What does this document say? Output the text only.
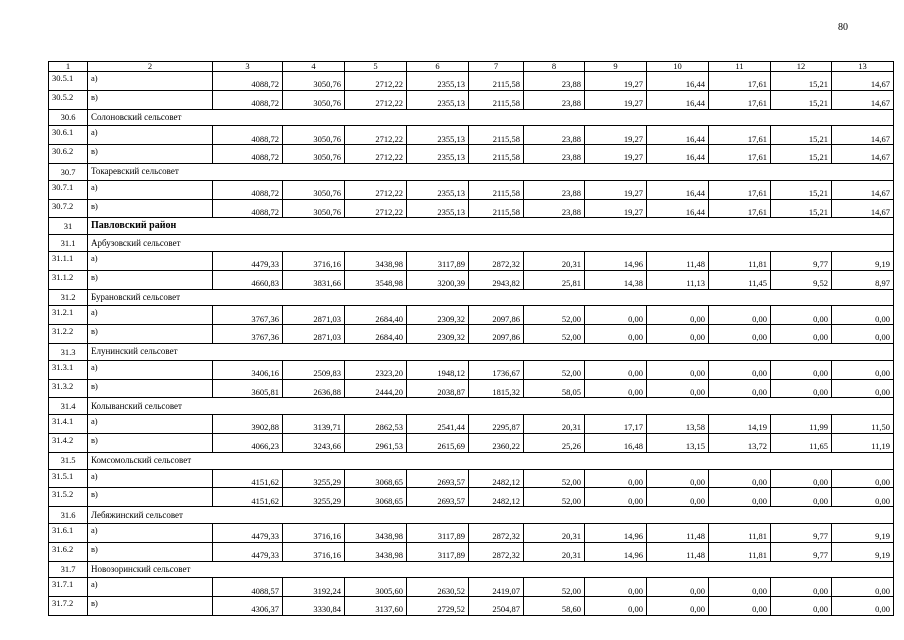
80
1	2	3	4	5	6	7	8	9	10	11	12	13
30.5.1	а)	4088,72	3050,76	2712,22	2355,13	2115,58	23,88	19,27	16,44	17,61	15,21	14,67
30.5.2	в)	4088,72	3050,76	2712,22	2355,13	2115,58	23,88	19,27	16,44	17,61	15,21	14,67
30.6	Солоновский сельсовет											
30.6.1	а)	4088,72	3050,76	2712,22	2355,13	2115,58	23,88	19,27	16,44	17,61	15,21	14,67
30.6.2	в)	4088,72	3050,76	2712,22	2355,13	2115,58	23,88	19,27	16,44	17,61	15,21	14,67
30.7	Токаревский сельсовет											
30.7.1	а)	4088,72	3050,76	2712,22	2355,13	2115,58	23,88	19,27	16,44	17,61	15,21	14,67
30.7.2	в)	4088,72	3050,76	2712,22	2355,13	2115,58	23,88	19,27	16,44	17,61	15,21	14,67
31	Павловский район											
31.1	Арбузовский сельсовет											
31.1.1	а)	4479,33	3716,16	3438,98	3117,89	2872,32	20,31	14,96	11,48	11,81	9,77	9,19
31.1.2	в)	4660,83	3831,66	3548,98	3200,39	2943,82	25,81	14,38	11,13	11,45	9,52	8,97
31.2	Бурановский сельсовет											
31.2.1	а)	3767,36	2871,03	2684,40	2309,32	2097,86	52,00	0,00	0,00	0,00	0,00	0,00
31.2.2	в)	3767,36	2871,03	2684,40	2309,32	2097,86	52,00	0,00	0,00	0,00	0,00	0,00
31.3	Елунинский сельсовет											
31.3.1	а)	3406,16	2509,83	2323,20	1948,12	1736,67	52,00	0,00	0,00	0,00	0,00	0,00
31.3.2	в)	3605,81	2636,88	2444,20	2038,87	1815,32	58,05	0,00	0,00	0,00	0,00	0,00
31.4	Колыванский сельсовет											
31.4.1	а)	3902,88	3139,71	2862,53	2541,44	2295,87	20,31	17,17	13,58	14,19	11,99	11,50
31.4.2	в)	4066,23	3243,66	2961,53	2615,69	2360,22	25,26	16,48	13,15	13,72	11,65	11,19
31.5	Комсомольский сельсовет											
31.5.1	а)	4151,62	3255,29	3068,65	2693,57	2482,12	52,00	0,00	0,00	0,00	0,00	0,00
31.5.2	в)	4151,62	3255,29	3068,65	2693,57	2482,12	52,00	0,00	0,00	0,00	0,00	0,00
31.6	Лебяжинский сельсовет											
31.6.1	а)	4479,33	3716,16	3438,98	3117,89	2872,32	20,31	14,96	11,48	11,81	9,77	9,19
31.6.2	в)	4479,33	3716,16	3438,98	3117,89	2872,32	20,31	14,96	11,48	11,81	9,77	9,19
31.7	Новозоринский сельсовет											
31.7.1	а)	4088,57	3192,24	3005,60	2630,52	2419,07	52,00	0,00	0,00	0,00	0,00	0,00
31.7.2	в)	4306,37	3330,84	3137,60	2729,52	2504,87	58,60	0,00	0,00	0,00	0,00	0,00
